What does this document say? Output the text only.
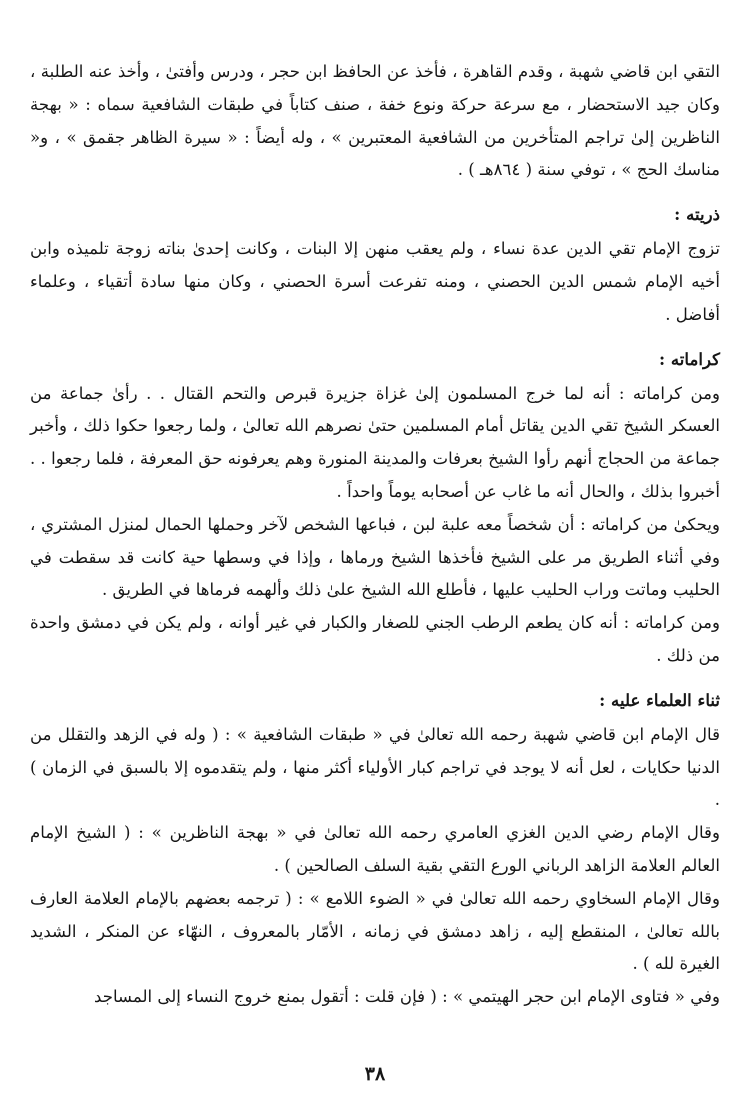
التقي ابن قاضي شهبة ، وقدم القاهرة ، فأخذ عن الحافظ ابن حجر ، ودرس وأفتىٰ ، وأخذ عنه الطلبة ، وكان جيد الاستحضار ، مع سرعة حركة ونوع خفة ، صنف كتاباً في طبقات الشافعية سماه : « بهجة الناظرين إلىٰ تراجم المتأخرين من الشافعية المعتبرين » ، وله أيضاً : « سيرة الظاهر جقمق » ، و« مناسك الحج » ، توفي سنة ( ٨٦٤هـ ) .

ذريته :

تزوج الإمام تقي الدين عدة نساء ، ولم يعقب منهن إلا البنات ، وكانت إحدىٰ بناته زوجة تلميذه وابن أخيه الإمام شمس الدين الحصني ، ومنه تفرعت أسرة الحصني ، وكان منها سادة أتقياء ، وعلماء أفاضل .

كراماته :

ومن كراماته : أنه لما خرج المسلمون إلىٰ غزاة جزيرة قبرص والتحم القتال . . رأىٰ جماعة من العسكر الشيخ تقي الدين يقاتل أمام المسلمين حتىٰ نصرهم الله تعالىٰ ، ولما رجعوا حكوا ذلك ، وأخبر جماعة من الحجاج أنهم رأوا الشيخ بعرفات والمدينة المنورة وهم يعرفونه حق المعرفة ، فلما رجعوا . . أخبروا بذلك ، والحال أنه ما غاب عن أصحابه يوماً واحداً .

ويحكىٰ من كراماته : أن شخصاً معه علبة لبن ، فباعها الشخص لآخر وحملها الحمال لمنزل المشتري ، وفي أثناء الطريق مر على الشيخ فأخذها الشيخ ورماها ، وإذا في وسطها حية كانت قد سقطت في الحليب وماتت وراب الحليب عليها ، فأطلع الله الشيخ علىٰ ذلك وألهمه فرماها في الطريق .

ومن كراماته : أنه كان يطعم الرطب الجني للصغار والكبار في غير أوانه ، ولم يكن في دمشق واحدة من ذلك .

ثناء العلماء عليه :

قال الإمام ابن قاضي شهبة رحمه الله تعالىٰ في « طبقات الشافعية » : ( وله في الزهد والتقلل من الدنيا حكايات ، لعل أنه لا يوجد في تراجم كبار الأولياء أكثر منها ، ولم يتقدموه إلا بالسبق في الزمان ) .

وقال الإمام رضي الدين الغزي العامري رحمه الله تعالىٰ في « بهجة الناظرين » : ( الشيخ الإمام العالم العلامة الزاهد الرباني الورع التقي بقية السلف الصالحين ) .

وقال الإمام السخاوي رحمه الله تعالىٰ في « الضوء اللامع » : ( ترجمه بعضهم بالإمام العلامة العارف بالله تعالىٰ ، المنقطع إليه ، زاهد دمشق في زمانه ، الأمّار بالمعروف ، النهّاء عن المنكر ، الشديد الغيرة لله ) .

وفي « فتاوى الإمام ابن حجر الهيتمي » : ( فإن قلت : أتقول بمنع خروج النساء إلى المساجد

٣٨
